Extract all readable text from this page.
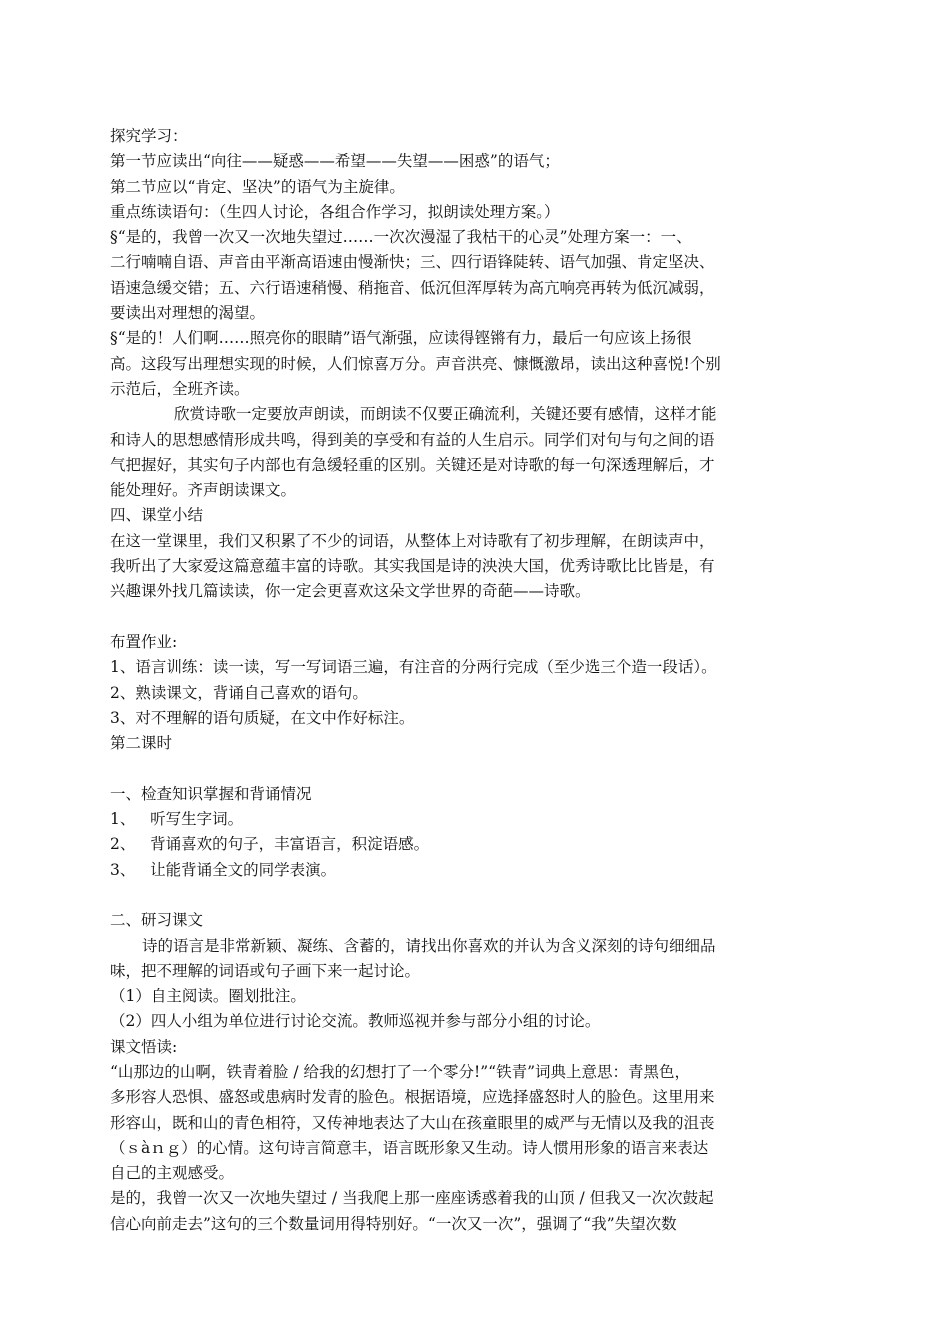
探究学习：
第一节应读出“向往——疑惑——希望——失望——困惑”的语气；
第二节应以“肯定、坚决”的语气为主旋律。
重点练读语句：（生四人讨论，各组合作学习，拟朗读处理方案。）
§“是的，我曾一次又一次地失望过……一次次漫湿了我枯干的心灵”处理方案一：一、
二行喃喃自语、声音由平渐高语速由慢渐快；三、四行语锋陡转、语气加强、肯定坚决、
语速急缓交错；五、六行语速稍慢、稍拖音、低沉但浑厚转为高亢响亮再转为低沉减弱，
要读出对理想的渴望。
§“是的！人们啊……照亮你的眼睛”语气渐强，应读得铿锵有力，最后一句应该上扬很
高。这段写出理想实现的时候，人们惊喜万分。声音洪亮、慷慨激昂，读出这种喜悦!个别
示范后，全班齐读。
欣赏诗歌一定要放声朗读，而朗读不仅要正确流利，关键还要有感情，这样才能
和诗人的思想感情形成共鸣，得到美的享受和有益的人生启示。同学们对句与句之间的语
气把握好，其实句子内部也有急缓轻重的区别。关键还是对诗歌的每一句深透理解后，才
能处理好。齐声朗读课文。
四、课堂小结
在这一堂课里，我们又积累了不少的词语，从整体上对诗歌有了初步理解，在朗读声中，
我听出了大家爱这篇意蕴丰富的诗歌。其实我国是诗的泱泱大国，优秀诗歌比比皆是，有
兴趣课外找几篇读读，你一定会更喜欢这朵文学世界的奇葩——诗歌。
布置作业:
1、语言训练：读一读，写一写词语三遍，有注音的分两行完成（至少选三个造一段话）。
2、熟读课文，背诵自己喜欢的语句。
3、对不理解的语句质疑，在文中作好标注。
第二课时
一、检查知识掌握和背诵情况
1、   听写生字词。
2、   背诵喜欢的句子，丰富语言，积淀语感。
3、   让能背诵全文的同学表演。
二、研习课文
诗的语言是非常新颖、凝练、含蓄的，请找出你喜欢的并认为含义深刻的诗句细细品
味，把不理解的词语或句子画下来一起讨论。
（1）自主阅读。圈划批注。
（2）四人小组为单位进行讨论交流。教师巡视并参与部分小组的讨论。
课文悟读:
“山那边的山啊，铁青着脸 / 给我的幻想打了一个零分!”“铁青”词典上意思：青黑色，
多形容人恐惧、盛怒或患病时发青的脸色。根据语境，应选择盛怒时人的脸色。这里用来
形容山，既和山的青色相符，又传神地表达了大山在孩童眼里的威严与无情以及我的沮丧
（ｓàｎｇ）的心情。这句诗言简意丰，语言既形象又生动。诗人惯用形象的语言来表达
自己的主观感受。
是的，我曾一次又一次地失望过 / 当我爬上那一座座诱惑着我的山顶 / 但我又一次次鼓起
信心向前走去”这句的三个数量词用得特别好。“一次又一次”，强调了“我”失望次数
